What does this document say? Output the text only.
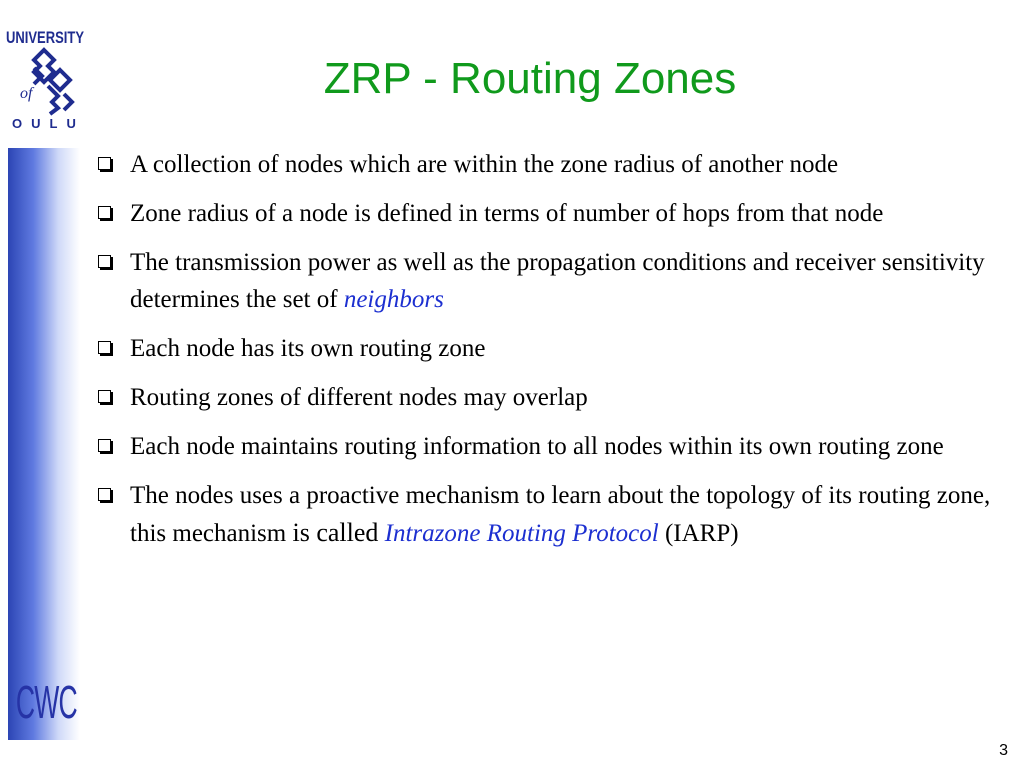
UNIVERSITY
of
OULU
CWC
ZRP - Routing Zones
A collection of nodes which are within the zone radius of another node
Zone radius of a node is defined in terms of number of hops from that node
The transmission power as well as the propagation conditions and receiver sensitivity determines the set of neighbors
Each node has its own routing zone
Routing zones of different nodes may overlap
Each node maintains routing information to all nodes within its own routing zone
The nodes uses a proactive mechanism to learn about the topology of its routing zone, this mechanism is called Intrazone Routing Protocol (IARP)
3
